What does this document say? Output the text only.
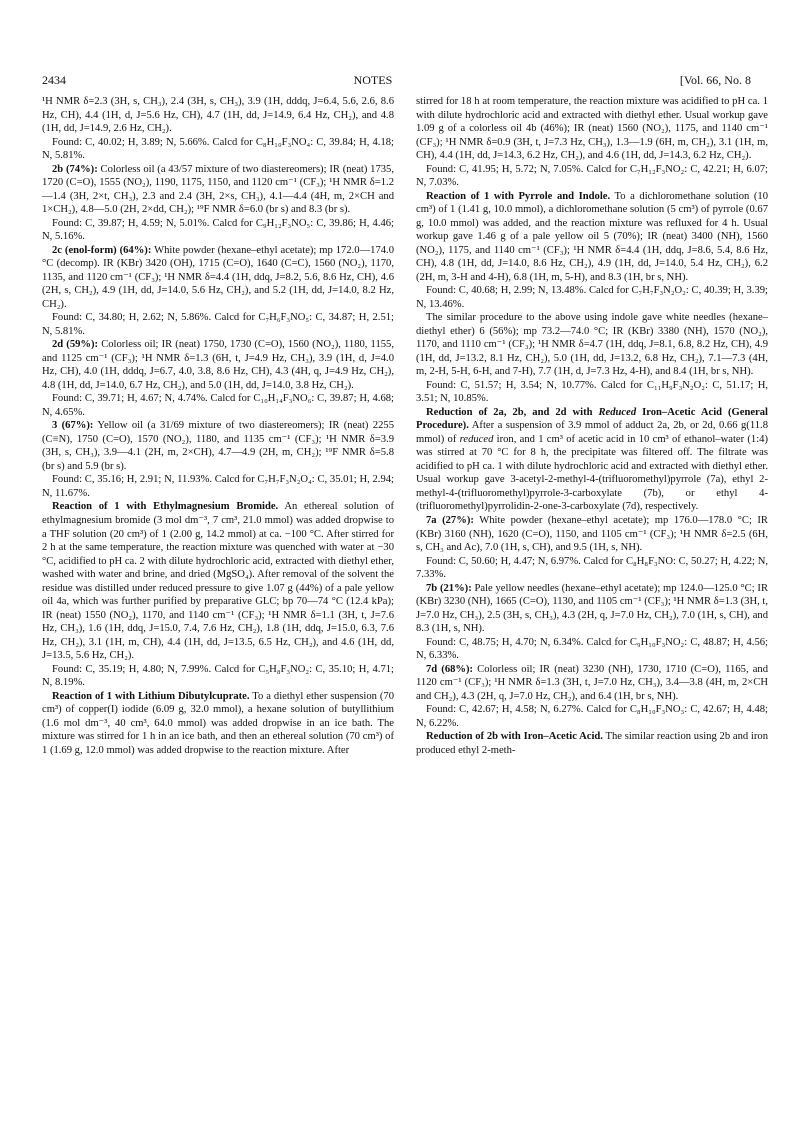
2434	NOTES	[Vol. 66, No. 8

¹H NMR δ=2.3 (3H, s, CH₃), 2.4 (3H, s, CH₃), 3.9 (1H, dddq, J=6.4, 5.6, 2.6, 8.6 Hz, CH), 4.4 (1H, d, J=5.6 Hz, CH), 4.7 (1H, dd, J=14.9, 6.4 Hz, CH₂), and 4.8 (1H, dd, J=14.9, 2.6 Hz, CH₂).

Found: C, 40.02; H, 3.89; N, 5.66%. Calcd for C₈H₁₀F₃NO₄: C, 39.84; H, 4.18; N, 5.81%.

2b (74%): Colorless oil (a 43/57 mixture of two diastereomers); IR (neat) 1735, 1720 (C=O), 1555 (NO₂), 1190, 1175, 1150, and 1120 cm⁻¹ (CF₃); ¹H NMR δ=1.2—1.4 (3H, 2×t, CH₃), 2.3 and 2.4 (3H, 2×s, CH₃), 4.1—4.4 (4H, m, 2×CH and 1×CH₂), 4.8—5.0 (2H, 2×dd, CH₂); ¹⁹F NMR δ=6.0 (br s) and 8.3 (br s).

Found: C, 39.87; H, 4.59; N, 5.01%. Calcd for C₉H₁₂F₃NO₅: C, 39.86; H, 4.46; N, 5.16%.

2c (enol-form) (64%): White powder (hexane–ethyl acetate); mp 172.0—174.0 °C (decomp). IR (KBr) 3420 (OH), 1715 (C=O), 1640 (C=C), 1560 (NO₂), 1170, 1135, and 1120 cm⁻¹ (CF₃); ¹H NMR δ=4.4 (1H, ddq, J=8.2, 5.6, 8.6 Hz, CH), 4.6 (2H, s, CH₂), 4.9 (1H, dd, J=14.0, 5.6 Hz, CH₂), and 5.2 (1H, dd, J=14.0, 8.2 Hz, CH₂).

Found: C, 34.80; H, 2.62; N, 5.86%. Calcd for C₇H₆F₃NO₅: C, 34.87; H, 2.51; N, 5.81%.

2d (59%): Colorless oil; IR (neat) 1750, 1730 (C=O), 1560 (NO₂), 1180, 1155, and 1125 cm⁻¹ (CF₃); ¹H NMR δ=1.3 (6H, t, J=4.9 Hz, CH₃), 3.9 (1H, d, J=4.0 Hz, CH), 4.0 (1H, dddq, J=6.7, 4.0, 3.8, 8.6 Hz, CH), 4.3 (4H, q, J=4.9 Hz, CH₂), 4.8 (1H, dd, J=14.0, 6.7 Hz, CH₂), and 5.0 (1H, dd, J=14.0, 3.8 Hz, CH₂).

Found: C, 39.71; H, 4.67; N, 4.74%. Calcd for C₁₀H₁₄F₃NO₆: C, 39.87; H, 4.68; N, 4.65%.

3 (67%): Yellow oil (a 31/69 mixture of two diastereomers); IR (neat) 2255 (C≡N), 1750 (C=O), 1570 (NO₂), 1180, and 1135 cm⁻¹ (CF₃); ¹H NMR δ=3.9 (3H, s, CH₃), 3.9—4.1 (2H, m, 2×CH), 4.7—4.9 (2H, m, CH₂); ¹⁹F NMR δ=5.8 (br s) and 5.9 (br s).

Found: C, 35.16; H, 2.91; N, 11.93%. Calcd for C₇H₇F₃N₂O₄: C, 35.01; H, 2.94; N, 11.67%.

Reaction of 1 with Ethylmagnesium Bromide. An ethereal solution of ethylmagnesium bromide (3 mol dm⁻³, 7 cm³, 21.0 mmol) was added dropwise to a THF solution (20 cm³) of 1 (2.00 g, 14.2 mmol) at ca. −100 °C. After stirred for 2 h at the same temperature, the reaction mixture was quenched with water at −30 °C, acidified to pH ca. 2 with dilute hydrochloric acid, extracted with diethyl ether, washed with water and brine, and dried (MgSO₄). After removal of the solvent the residue was distilled under reduced pressure to give 1.07 g (44%) of a pale yellow oil 4a, which was further purified by preparative GLC; bp 70—74 °C (12.4 kPa); IR (neat) 1550 (NO₂), 1170, and 1140 cm⁻¹ (CF₃); ¹H NMR δ=1.1 (3H, t, J=7.6 Hz, CH₃), 1.6 (1H, ddq, J=15.0, 7.4, 7.6 Hz, CH₂), 1.8 (1H, ddq, J=15.0, 6.3, 7.6 Hz, CH₂), 3.1 (1H, m, CH), 4.4 (1H, dd, J=13.5, 6.5 Hz, CH₂), and 4.6 (1H, dd, J=13.5, 5.6 Hz, CH₂).

Found: C, 35.19; H, 4.80; N, 7.99%. Calcd for C₅H₈F₃NO₂: C, 35.10; H, 4.71; N, 8.19%.

Reaction of 1 with Lithium Dibutylcuprate. To a diethyl ether suspension (70 cm³) of copper(I) iodide (6.09 g, 32.0 mmol), a hexane solution of butyllithium (1.6 mol dm⁻³, 40 cm³, 64.0 mmol) was added dropwise in an ice bath. The mixture was stirred for 1 h in an ice bath, and then an ethereal solution (70 cm³) of 1 (1.69 g, 12.0 mmol) was added dropwise to the reaction mixture. After

stirred for 18 h at room temperature, the reaction mixture was acidified to pH ca. 1 with dilute hydrochloric acid and extracted with diethyl ether. Usual workup gave 1.09 g of a colorless oil 4b (46%); IR (neat) 1560 (NO₂), 1175, and 1140 cm⁻¹ (CF₃); ¹H NMR δ=0.9 (3H, t, J=7.3 Hz, CH₃), 1.3—1.9 (6H, m, CH₂), 3.1 (1H, m, CH), 4.4 (1H, dd, J=14.3, 6.2 Hz, CH₂), and 4.6 (1H, dd, J=14.3, 6.2 Hz, CH₂).

Found: C, 41.95; H, 5.72; N, 7.05%. Calcd for C₇H₁₂F₃NO₂: C, 42.21; H, 6.07; N, 7.03%.

Reaction of 1 with Pyrrole and Indole. To a dichloromethane solution (10 cm³) of 1 (1.41 g, 10.0 mmol), a dichloromethane solution (5 cm³) of pyrrole (0.67 g, 10.0 mmol) was added, and the reaction mixture was refluxed for 4 h. Usual workup gave 1.46 g of a pale yellow oil 5 (70%); IR (neat) 3400 (NH), 1560 (NO₂), 1175, and 1140 cm⁻¹ (CF₃); ¹H NMR δ=4.4 (1H, ddq, J=8.6, 5.4, 8.6 Hz, CH), 4.8 (1H, dd, J=14.0, 8.6 Hz, CH₂), 4.9 (1H, dd, J=14.0, 5.4 Hz, CH₂), 6.2 (2H, m, 3-H and 4-H), 6.8 (1H, m, 5-H), and 8.3 (1H, br s, NH).

Found: C, 40.68; H, 2.99; N, 13.48%. Calcd for C₇H₇F₃N₂O₂: C, 40.39; H, 3.39; N, 13.46%.

The similar procedure to the above using indole gave white needles (hexane–diethyl ether) 6 (56%); mp 73.2—74.0 °C; IR (KBr) 3380 (NH), 1570 (NO₂), 1170, and 1110 cm⁻¹ (CF₃); ¹H NMR δ=4.7 (1H, ddq, J=8.1, 6.8, 8.2 Hz, CH), 4.9 (1H, dd, J=13.2, 8.1 Hz, CH₂), 5.0 (1H, dd, J=13.2, 6.8 Hz, CH₂), 7.1—7.3 (4H, m, 2-H, 5-H, 6-H, and 7-H), 7.7 (1H, d, J=7.3 Hz, 4-H), and 8.4 (1H, br s, NH).

Found: C, 51.57; H, 3.54; N, 10.77%. Calcd for C₁₁H₉F₃N₂O₂: C, 51.17; H, 3.51; N, 10.85%.

Reduction of 2a, 2b, and 2d with Reduced Iron–Acetic Acid (General Procedure). After a suspension of 3.9 mmol of adduct 2a, 2b, or 2d, 0.66 g(11.8 mmol) of reduced iron, and 1 cm³ of acetic acid in 10 cm³ of ethanol–water (1:4) was stirred at 70 °C for 8 h, the precipitate was filtered off. The filtrate was acidified to pH ca. 1 with dilute hydrochloric acid and extracted with diethyl ether. Usual workup gave 3-acetyl-2-methyl-4-(trifluoromethyl)pyrrole (7a), ethyl 2-methyl-4-(trifluoromethyl)pyrrole-3-carboxylate (7b), or ethyl 4-(trifluoromethyl)pyrrolidin-2-one-3-carboxylate (7d), respectively.

7a (27%): White powder (hexane–ethyl acetate); mp 176.0—178.0 °C; IR (KBr) 3160 (NH), 1620 (C=O), 1150, and 1105 cm⁻¹ (CF₃); ¹H NMR δ=2.5 (6H, s, CH₃ and Ac), 7.0 (1H, s, CH), and 9.5 (1H, s, NH).

Found: C, 50.60; H, 4.47; N, 6.97%. Calcd for C₈H₈F₃NO: C, 50.27; H, 4.22; N, 7.33%.

7b (21%): Pale yellow needles (hexane–ethyl acetate); mp 124.0—125.0 °C; IR (KBr) 3230 (NH), 1665 (C=O), 1130, and 1105 cm⁻¹ (CF₃); ¹H NMR δ=1.3 (3H, t, J=7.0 Hz, CH₃), 2.5 (3H, s, CH₃), 4.3 (2H, q, J=7.0 Hz, CH₂), 7.0 (1H, s, CH), and 8.3 (1H, s, NH).

Found: C, 48.75; H, 4.70; N, 6.34%. Calcd for C₉H₁₀F₃NO₂: C, 48.87; H, 4.56; N, 6.33%.

7d (68%): Colorless oil; IR (neat) 3230 (NH), 1730, 1710 (C=O), 1165, and 1120 cm⁻¹ (CF₃); ¹H NMR δ=1.3 (3H, t, J=7.0 Hz, CH₃), 3.4—3.8 (4H, m, 2×CH and CH₂), 4.3 (2H, q, J=7.0 Hz, CH₂), and 6.4 (1H, br s, NH).

Found: C, 42.67; H, 4.58; N, 6.27%. Calcd for C₈H₁₀F₃NO₃: C, 42.67; H, 4.48; N, 6.22%.

Reduction of 2b with Iron–Acetic Acid. The similar reaction using 2b and iron produced ethyl 2-meth-
